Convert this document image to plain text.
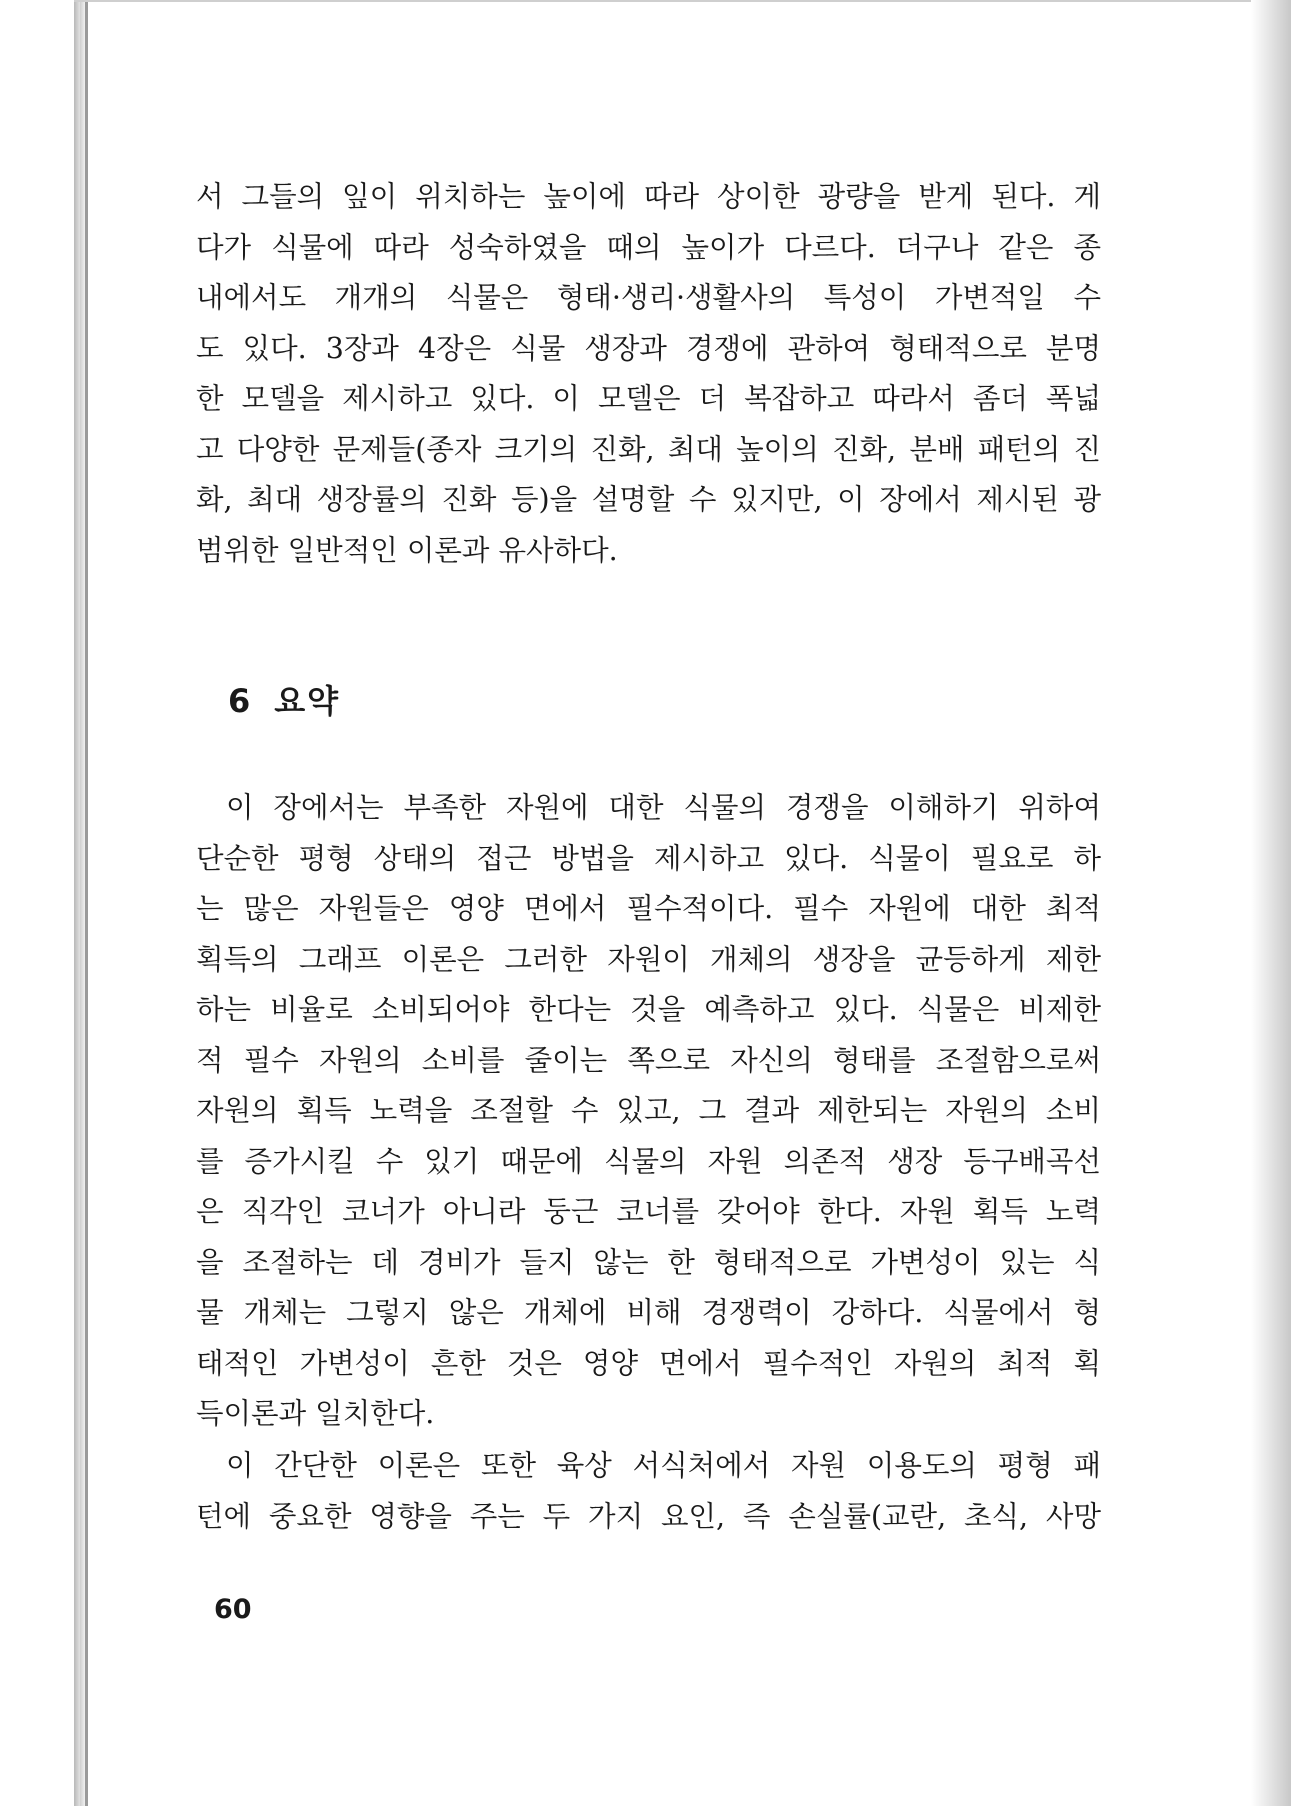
서 그들의 잎이 위치하는 높이에 따라 상이한 광량을 받게 된다. 게
다가 식물에 따라 성숙하였을 때의 높이가 다르다. 더구나 같은 종
내에서도 개개의 식물은 형태·생리·생활사의 특성이 가변적일 수
도 있다. 3장과 4장은 식물 생장과 경쟁에 관하여 형태적으로 분명
한 모델을 제시하고 있다. 이 모델은 더 복잡하고 따라서 좀더 폭넓
고 다양한 문제들(종자 크기의 진화, 최대 높이의 진화, 분배 패턴의 진
화, 최대 생장률의 진화 등)을 설명할 수 있지만, 이 장에서 제시된 광
범위한 일반적인 이론과 유사하다.
6 요약
이 장에서는 부족한 자원에 대한 식물의 경쟁을 이해하기 위하여
단순한 평형 상태의 접근 방법을 제시하고 있다. 식물이 필요로 하
는 많은 자원들은 영양 면에서 필수적이다. 필수 자원에 대한 최적
획득의 그래프 이론은 그러한 자원이 개체의 생장을 균등하게 제한
하는 비율로 소비되어야 한다는 것을 예측하고 있다. 식물은 비제한
적 필수 자원의 소비를 줄이는 쪽으로 자신의 형태를 조절함으로써
자원의 획득 노력을 조절할 수 있고, 그 결과 제한되는 자원의 소비
를 증가시킬 수 있기 때문에 식물의 자원 의존적 생장 등구배곡선
은 직각인 코너가 아니라 둥근 코너를 갖어야 한다. 자원 획득 노력
을 조절하는 데 경비가 들지 않는 한 형태적으로 가변성이 있는 식
물 개체는 그렇지 않은 개체에 비해 경쟁력이 강하다. 식물에서 형
태적인 가변성이 흔한 것은 영양 면에서 필수적인 자원의 최적 획
득이론과 일치한다.
이 간단한 이론은 또한 육상 서식처에서 자원 이용도의 평형 패
턴에 중요한 영향을 주는 두 가지 요인, 즉 손실률(교란, 초식, 사망
60
